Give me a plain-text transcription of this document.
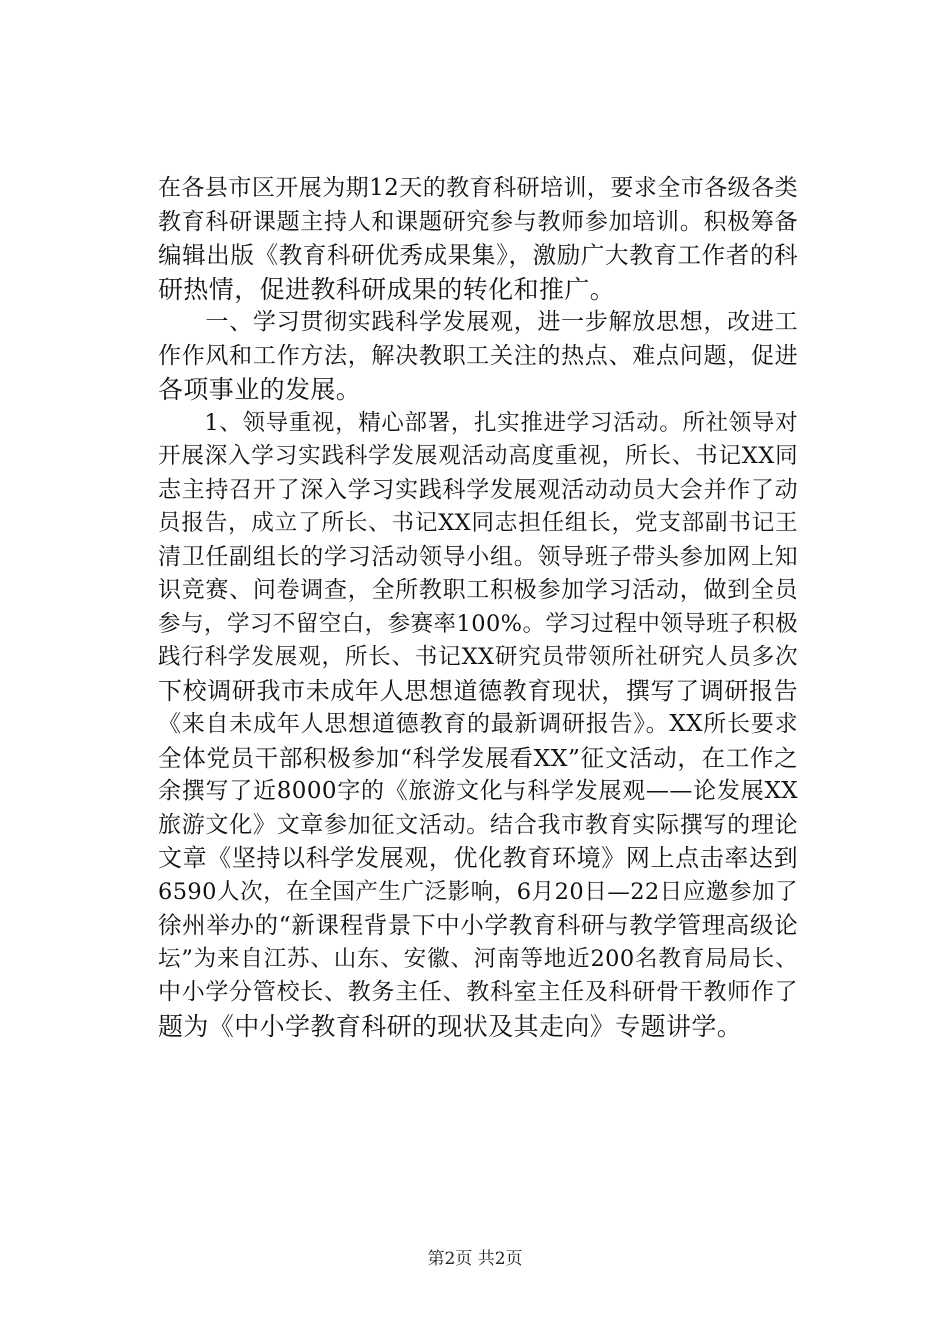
在各县市区开展为期12天的教育科研培训，要求全市各级各类
教育科研课题主持人和课题研究参与教师参加培训。积极筹备
编辑出版《教育科研优秀成果集》，激励广大教育工作者的科
研热情，促进教科研成果的转化和推广。
　　一、学习贯彻实践科学发展观，进一步解放思想，改进工
作作风和工作方法，解决教职工关注的热点、难点问题，促进
各项事业的发展。
　　1、领导重视，精心部署，扎实推进学习活动。所社领导对
开展深入学习实践科学发展观活动高度重视，所长、书记XX同
志主持召开了深入学习实践科学发展观活动动员大会并作了动
员报告，成立了所长、书记XX同志担任组长，党支部副书记王
清卫任副组长的学习活动领导小组。领导班子带头参加网上知
识竞赛、问卷调查，全所教职工积极参加学习活动，做到全员
参与，学习不留空白，参赛率100%。学习过程中领导班子积极
践行科学发展观，所长、书记XX研究员带领所社研究人员多次
下校调研我市未成年人思想道德教育现状，撰写了调研报告
《来自未成年人思想道德教育的最新调研报告》。XX所长要求
全体党员干部积极参加“科学发展看XX”征文活动，在工作之
余撰写了近8000字的《旅游文化与科学发展观——论发展XX
旅游文化》文章参加征文活动。结合我市教育实际撰写的理论
文章《坚持以科学发展观，优化教育环境》网上点击率达到
6590人次，在全国产生广泛影响，6月20日—22日应邀参加了
徐州举办的“新课程背景下中小学教育科研与教学管理高级论
坛”为来自江苏、山东、安徽、河南等地近200名教育局局长、
中小学分管校长、教务主任、教科室主任及科研骨干教师作了
题为《中小学教育科研的现状及其走向》专题讲学。
第2页 共2页
